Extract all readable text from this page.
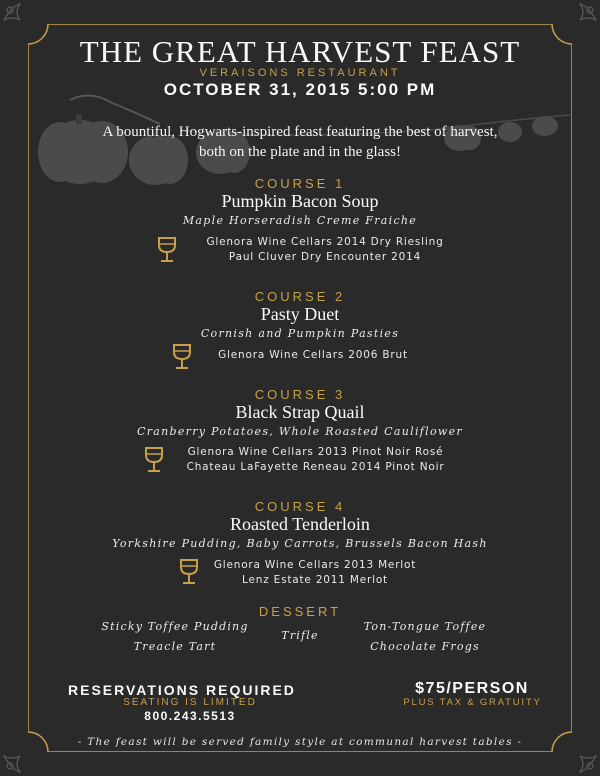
THE GREAT HARVEST FEAST
VERAISONS RESTAURANT
OCTOBER 31, 2015 5:00 PM
A bountiful, Hogwarts-inspired feast featuring the best of harvest, both on the plate and in the glass!
COURSE 1
Pumpkin Bacon Soup
Maple Horseradish Creme Fraiche
Glenora Wine Cellars 2014 Dry Riesling
Paul Cluver Dry Encounter 2014
COURSE 2
Pasty Duet
Cornish and Pumpkin Pasties
Glenora Wine Cellars 2006 Brut
COURSE 3
Black Strap Quail
Cranberry Potatoes, Whole Roasted Cauliflower
Glenora Wine Cellars 2013 Pinot Noir Rosé
Chateau LaFayette Reneau 2014 Pinot Noir
COURSE 4
Roasted Tenderloin
Yorkshire Pudding, Baby Carrots, Brussels Bacon Hash
Glenora Wine Cellars 2013 Merlot
Lenz Estate 2011 Merlot
DESSERT
Sticky Toffee Pudding
Treacle Tart
Trifle
Ton-Tongue Toffee
Chocolate Frogs
RESERVATIONS REQUIRED
SEATING IS LIMITED
800.243.5513
$75/PERSON
PLUS TAX & GRATUITY
- The feast will be served family style at communal harvest tables -
